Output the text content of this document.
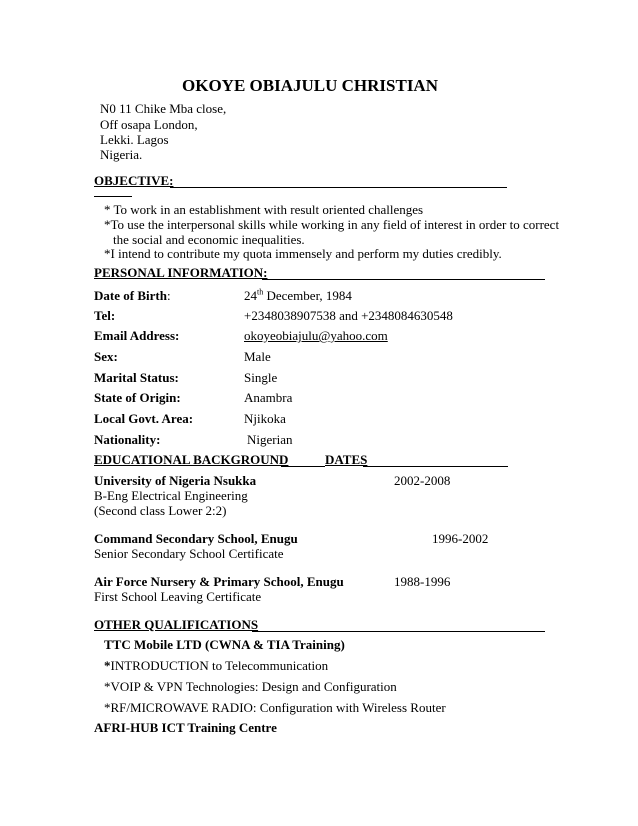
OKOYE OBIAJULU CHRISTIAN
N0 11 Chike Mba close,
Off osapa London,
Lekki. Lagos
Nigeria.
OBJECTIVE:
* To work in an establishment with result oriented challenges
*To use the interpersonal skills while working in any field of interest in order to correct
the social and economic inequalities.
*I intend to contribute my quota immensely and perform my duties credibly.
PERSONAL INFORMATION:
Date of Birth:	24th December, 1984
Tel:	+2348038907538 and +2348084630548
Email Address:	okoyeobiajulu@yahoo.com
Sex:	Male
Marital Status:	Single
State of Origin:	Anambra
Local Govt. Area:	Njikoka
Nationality:	Nigerian
EDUCATIONAL BACKGROUND	DATES
University of Nigeria Nsukka	2002-2008
B-Eng Electrical Engineering
(Second class Lower 2:2)
Command Secondary School, Enugu	1996-2002
Senior Secondary School Certificate
Air Force Nursery & Primary School, Enugu	1988-1996
First School Leaving Certificate
OTHER QUALIFICATIONS
TTC Mobile LTD (CWNA & TIA Training)
*INTRODUCTION to Telecommunication
*VOIP & VPN Technologies: Design and Configuration
*RF/MICROWAVE RADIO: Configuration with Wireless Router
AFRI-HUB ICT Training Centre
